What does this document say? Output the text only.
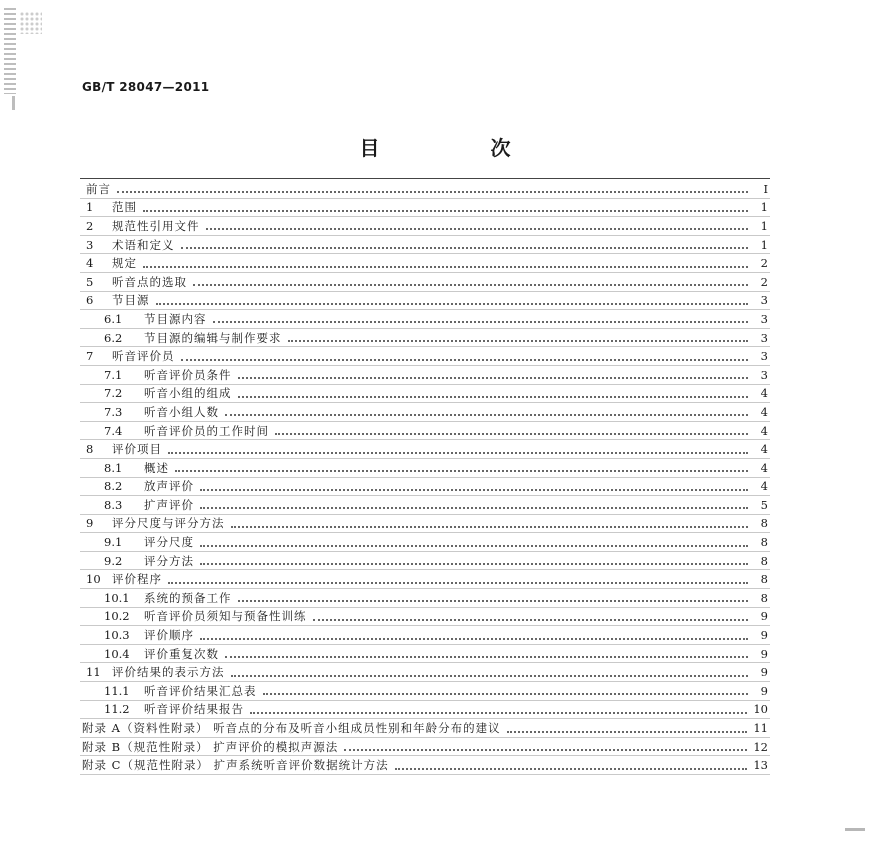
GB/T 28047—2011
目 次
前言	I
1	范围	1
2	规范性引用文件	1
3	术语和定义	1
4	规定	2
5	听音点的选取	2
6	节目源	3
6.1	节目源内容	3
6.2	节目源的编辑与制作要求	3
7	听音评价员	3
7.1	听音评价员条件	3
7.2	听音小组的组成	4
7.3	听音小组人数	4
7.4	听音评价员的工作时间	4
8	评价项目	4
8.1	概述	4
8.2	放声评价	4
8.3	扩声评价	5
9	评分尺度与评分方法	8
9.1	评分尺度	8
9.2	评分方法	8
10 评价程序	8
10.1	系统的预备工作	8
10.2	听音评价员须知与预备性训练	9
10.3	评价顺序	9
10.4	评价重复次数	9
11 评价结果的表示方法	9
11.1	听音评价结果汇总表	9
11.2	听音评价结果报告	10
附录 A（资料性附录） 听音点的分布及听音小组成员性别和年龄分布的建议	11
附录 B（规范性附录） 扩声评价的模拟声源法	12
附录 C（规范性附录） 扩声系统听音评价数据统计方法	13
